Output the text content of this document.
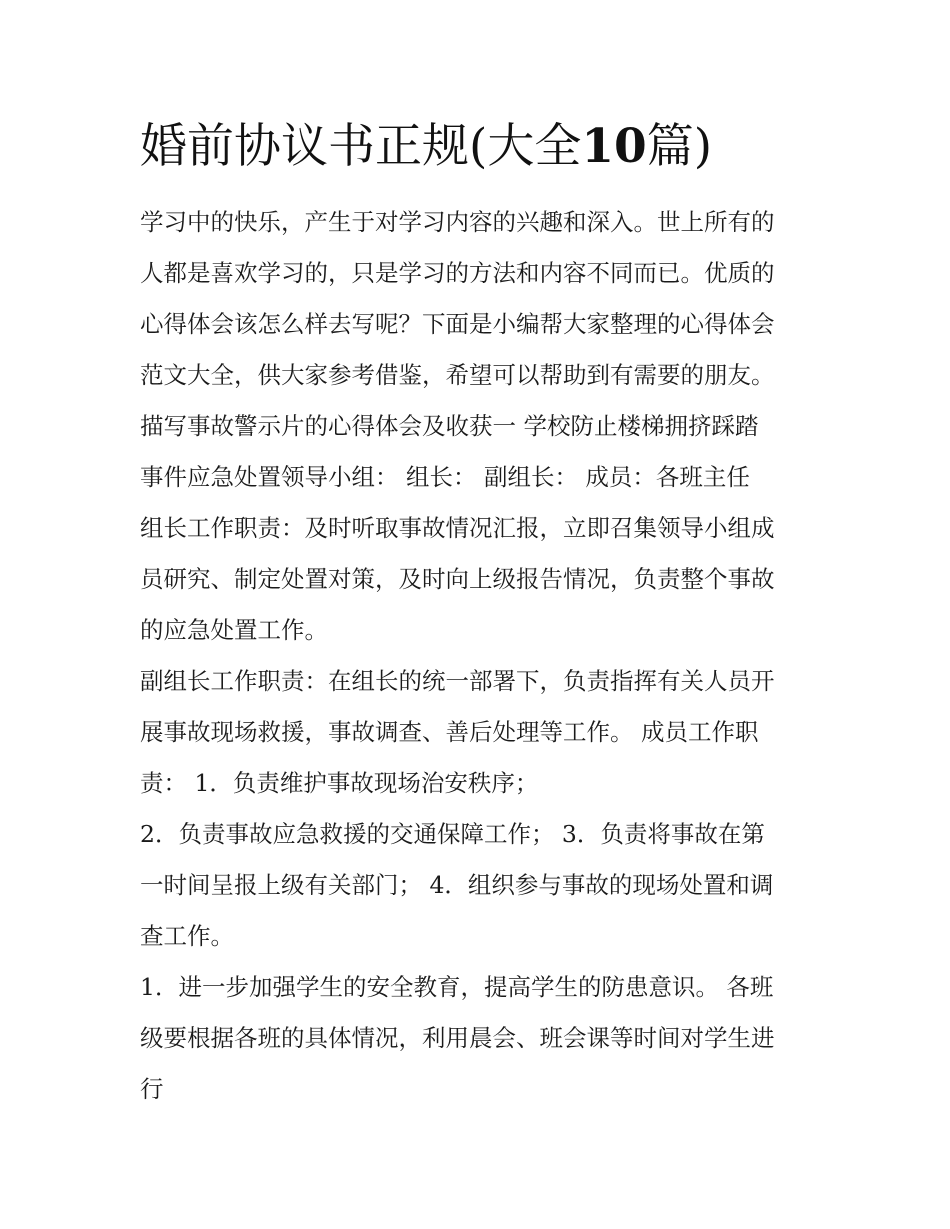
婚前协议书正规(大全10篇)
学习中的快乐，产生于对学习内容的兴趣和深入。世上所有的
人都是喜欢学习的，只是学习的方法和内容不同而已。优质的
心得体会该怎么样去写呢？下面是小编帮大家整理的心得体会
范文大全，供大家参考借鉴，希望可以帮助到有需要的朋友。
描写事故警示片的心得体会及收获一 学校防止楼梯拥挤踩踏
事件应急处置领导小组： 组长： 副组长： 成员：各班主任
组长工作职责：及时听取事故情况汇报，立即召集领导小组成
员研究、制定处置对策，及时向上级报告情况，负责整个事故
的应急处置工作。
副组长工作职责：在组长的统一部署下，负责指挥有关人员开
展事故现场救援，事故调查、善后处理等工作。 成员工作职
责： 1．负责维护事故现场治安秩序；
2．负责事故应急救援的交通保障工作； 3．负责将事故在第
一时间呈报上级有关部门； 4．组织参与事故的现场处置和调
查工作。
1．进一步加强学生的安全教育，提高学生的防患意识。 各班
级要根据各班的具体情况，利用晨会、班会课等时间对学生进
行
